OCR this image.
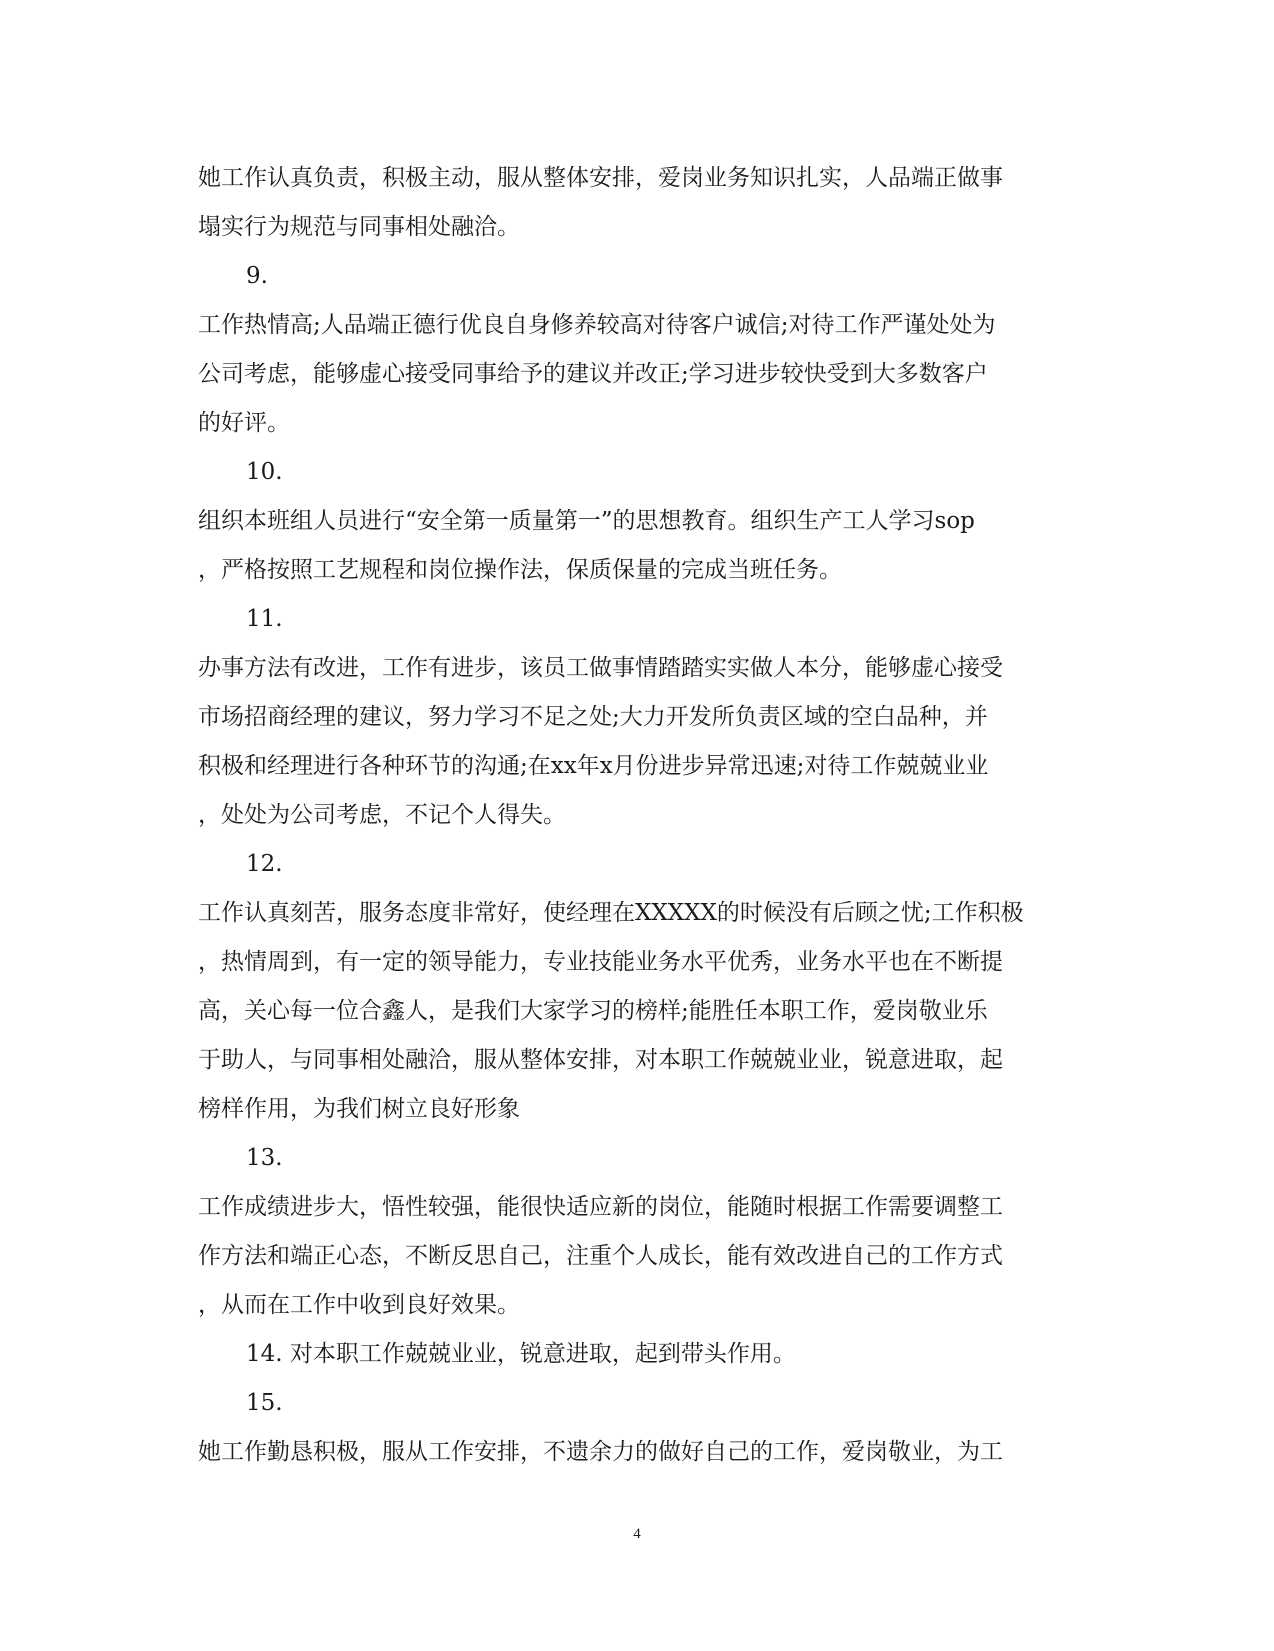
她工作认真负责，积极主动，服从整体安排，爱岗业务知识扎实，人品端正做事
塌实行为规范与同事相处融洽。
9.
工作热情高;人品端正德行优良自身修养较高对待客户诚信;对待工作严谨处处为
公司考虑，能够虚心接受同事给予的建议并改正;学习进步较快受到大多数客户
的好评。
10.
组织本班组人员进行“安全第一质量第一”的思想教育。组织生产工人学习sop
，严格按照工艺规程和岗位操作法，保质保量的完成当班任务。
11.
办事方法有改进，工作有进步，该员工做事情踏踏实实做人本分，能够虚心接受
市场招商经理的建议，努力学习不足之处;大力开发所负责区域的空白品种，并
积极和经理进行各种环节的沟通;在xx年x月份进步异常迅速;对待工作兢兢业业
，处处为公司考虑，不记个人得失。
12.
工作认真刻苦，服务态度非常好，使经理在XXXXX的时候没有后顾之忧;工作积极
，热情周到，有一定的领导能力，专业技能业务水平优秀，业务水平也在不断提
高，关心每一位合鑫人，是我们大家学习的榜样;能胜任本职工作，爱岗敬业乐
于助人，与同事相处融洽，服从整体安排，对本职工作兢兢业业，锐意进取，起
榜样作用，为我们树立良好形象
13.
工作成绩进步大，悟性较强，能很快适应新的岗位，能随时根据工作需要调整工
作方法和端正心态，不断反思自己，注重个人成长，能有效改进自己的工作方式
，从而在工作中收到良好效果。
14. 对本职工作兢兢业业，锐意进取，起到带头作用。
15.
她工作勤恳积极，服从工作安排，不遗余力的做好自己的工作，爱岗敬业，为工
4
